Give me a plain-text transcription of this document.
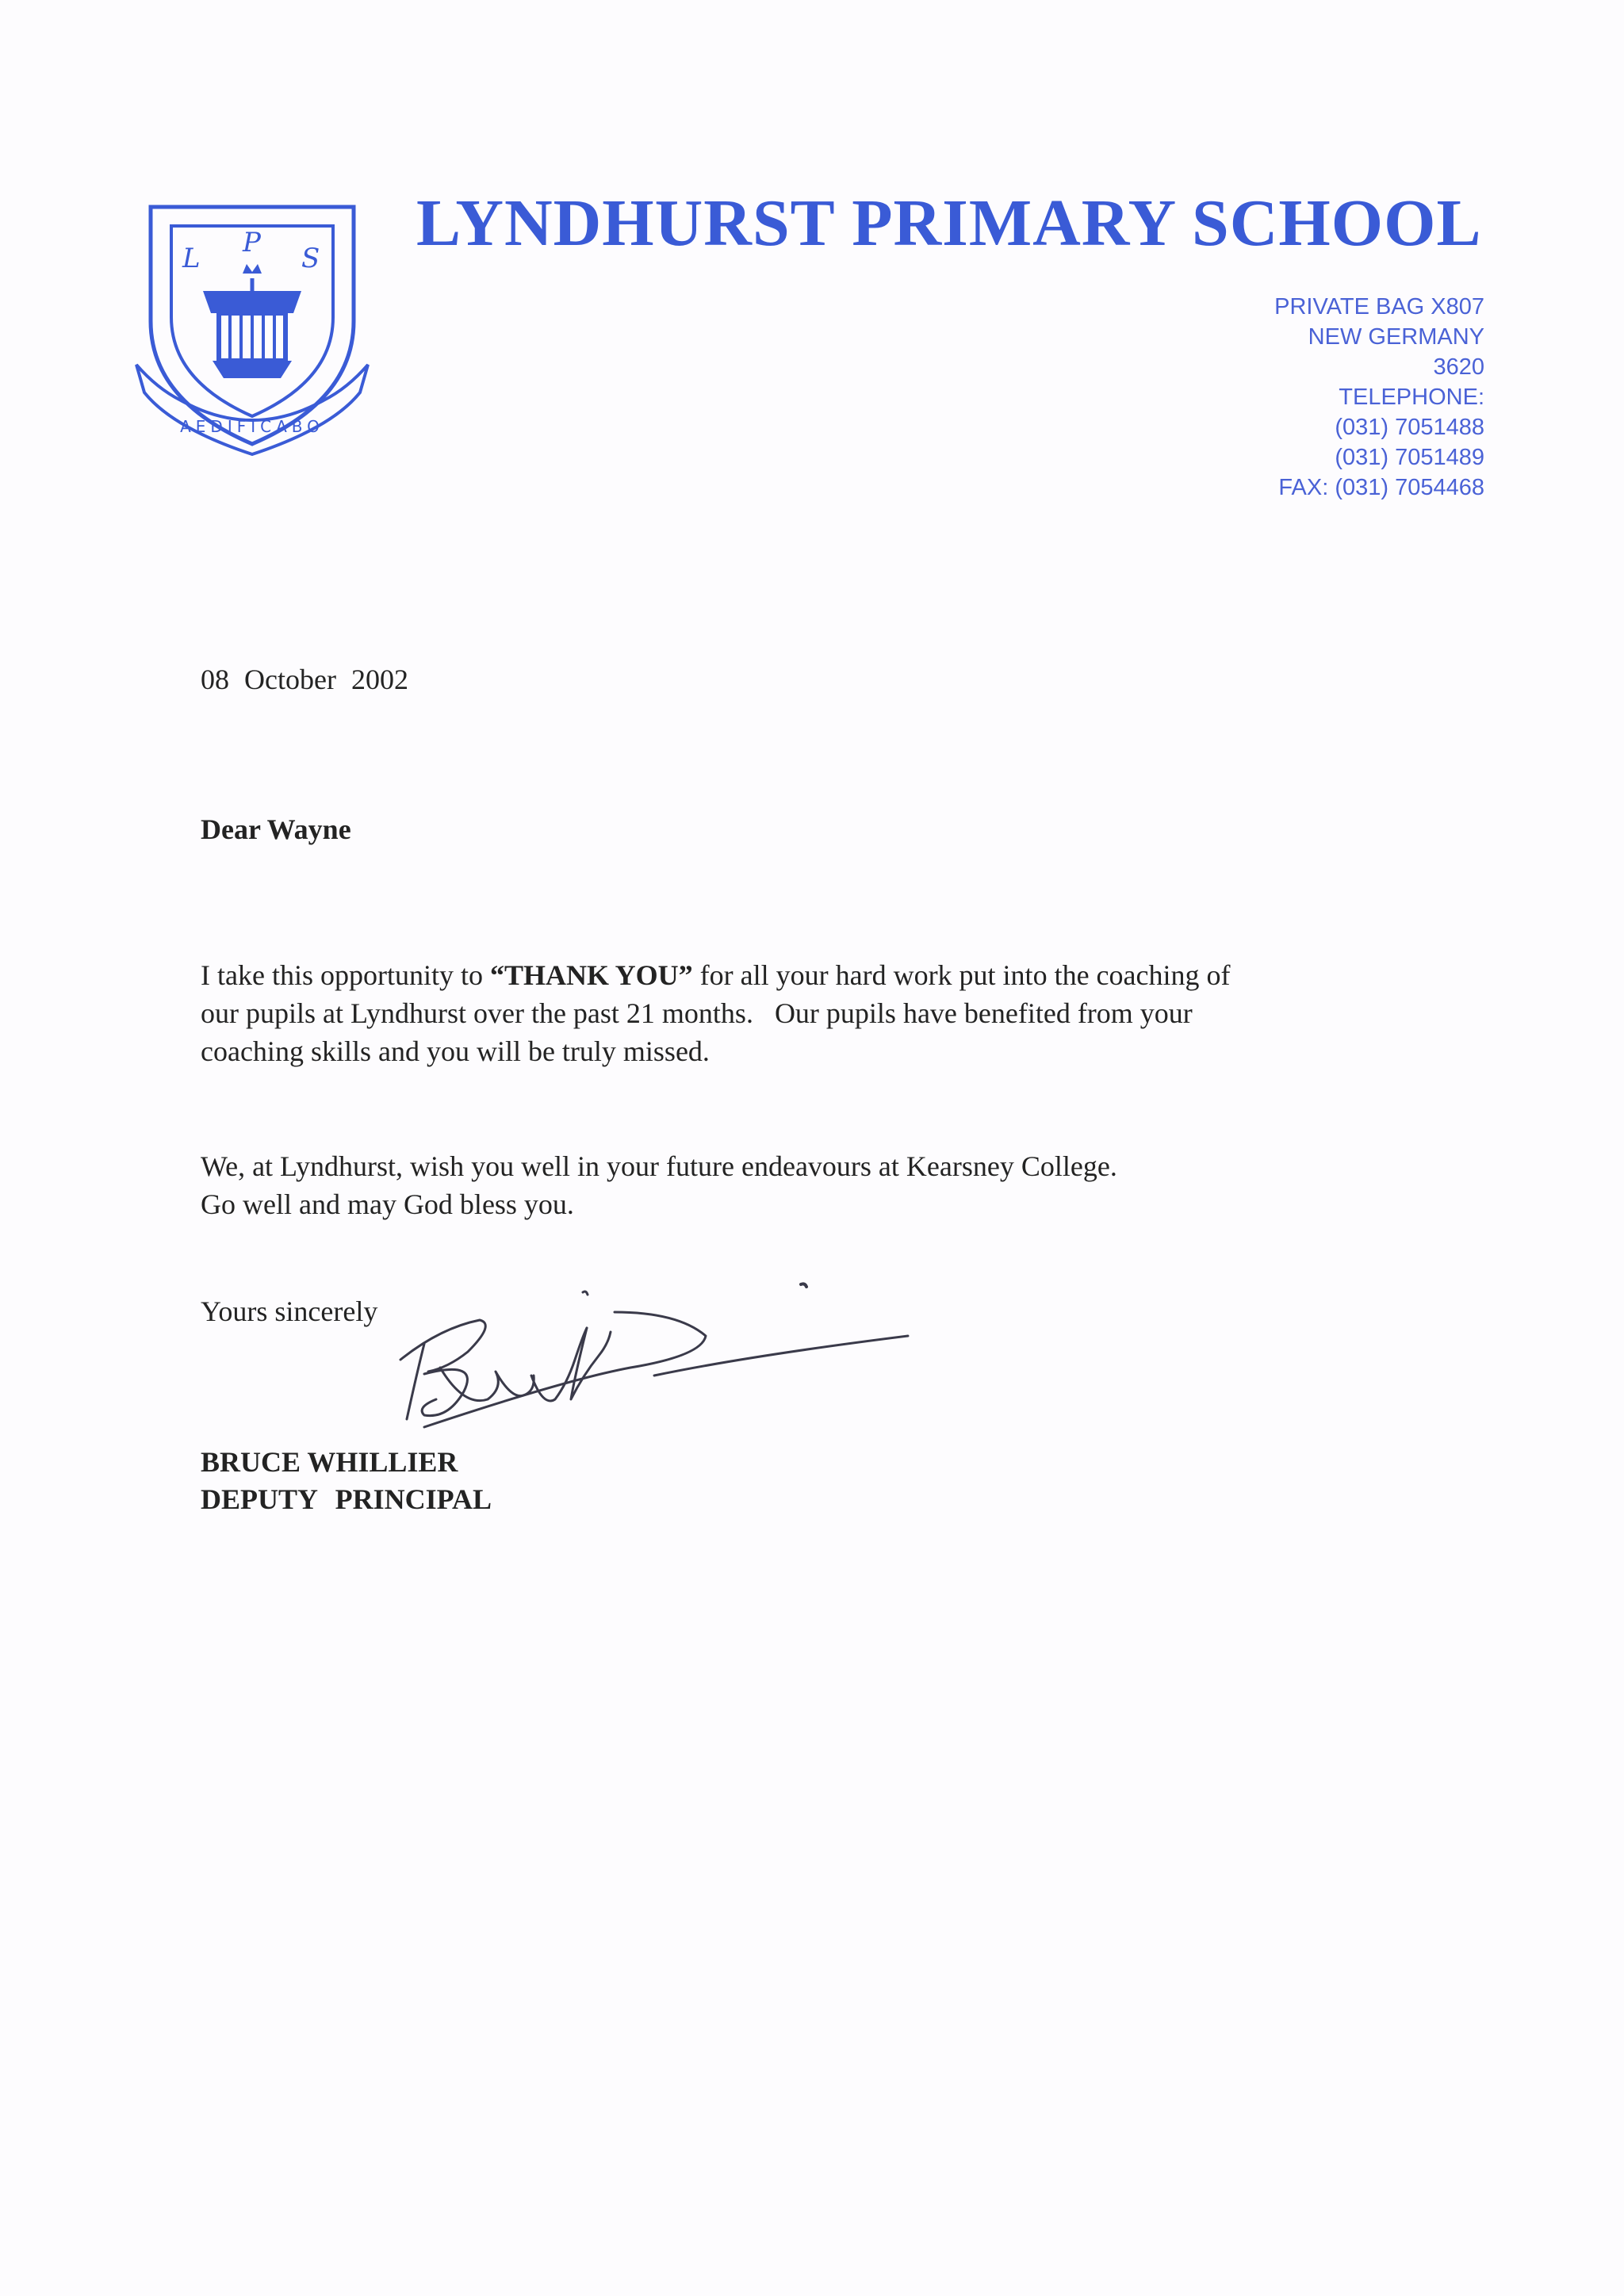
L P S
AEDIFICABO
LYNDHURST PRIMARY SCHOOL
PRIVATE BAG X807
NEW GERMANY
3620
TELEPHONE:
(031) 7051488
(031) 7051489
FAX: (031) 7054468
08 October 2002
Dear Wayne
I take this opportunity to “THANK YOU” for all your hard work put into the coaching of
our pupils at Lyndhurst over the past 21 months.   Our pupils have benefited from your
coaching skills and you will be truly missed.
We, at Lyndhurst, wish you well in your future endeavours at Kearsney College.
Go well and may God bless you.
Yours sincerely
BRUCE WHILLIER
DEPUTY PRINCIPAL
